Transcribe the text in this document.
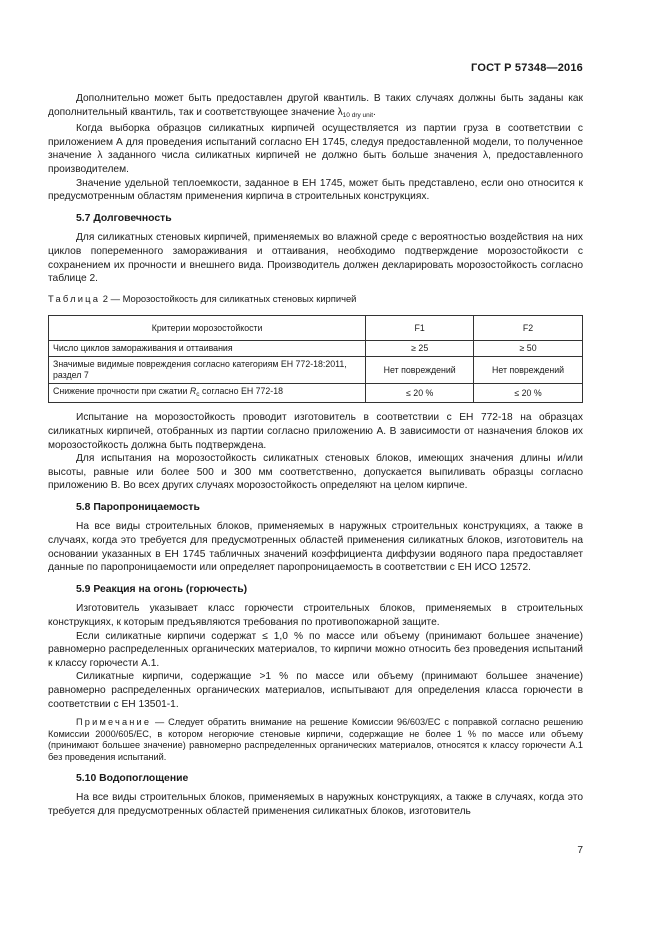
ГОСТ Р 57348—2016

Дополнительно может быть предоставлен другой квантиль. В таких случаях должны быть заданы как дополнительный квантиль, так и соответствующее значение $\lambda_{10 dry unit}$.

Когда выборка образцов силикатных кирпичей осуществляется из партии груза в соответствии с приложением А для проведения испытаний согласно ЕН 1745, следуя предоставленной модели, то полученное значение λ заданного числа силикатных кирпичей не должно быть больше значения λ, предоставленного производителем.

Значение удельной теплоемкости, заданное в ЕН 1745, может быть представлено, если оно относится к предусмотренным областям применения кирпича в строительных конструкциях.

5.7 Долговечность

Для силикатных стеновых кирпичей, применяемых во влажной среде с вероятностью воздействия на них циклов попеременного замораживания и оттаивания, необходимо подтверждение морозостойкости с сохранением их прочности и внешнего вида. Производитель должен декларировать морозостойкость согласно таблице 2.

Таблица 2 — Морозостойкость для силикатных стеновых кирпичей

Критерии морозостойкости	F1	F2
Число циклов замораживания и оттаивания	≥ 25	≥ 50
Значимые видимые повреждения согласно категориям ЕН 772-18:2011, раздел 7	Нет повреждений	Нет повреждений
Снижение прочности при сжатии $R_c$ согласно ЕН 772-18	≤ 20 %	≤ 20 %

Испытание на морозостойкость проводит изготовитель в соответствии с ЕН 772-18 на образцах силикатных кирпичей, отобранных из партии согласно приложению А. В зависимости от назначения блоков их морозостойкость должна быть подтверждена.

Для испытания на морозостойкость силикатных стеновых блоков, имеющих значения длины и/или высоты, равные или более 500 и 300 мм соответственно, допускается выпиливать образцы согласно приложению В. Во всех других случаях морозостойкость определяют на целом кирпиче.

5.8 Паропроницаемость

На все виды строительных блоков, применяемых в наружных строительных конструкциях, а также в случаях, когда это требуется для предусмотренных областей применения силикатных блоков, изготовитель на основании указанных в ЕН 1745 табличных значений коэффициента диффузии водяного пара предоставляет данные по паропроницаемости или определяет паропроницаемость в соответствии с ЕН ИСО 12572.

5.9 Реакция на огонь (горючесть)

Изготовитель указывает класс горючести строительных блоков, применяемых в строительных конструкциях, к которым предъявляются требования по противопожарной защите.

Если силикатные кирпичи содержат ≤ 1,0 % по массе или объему (принимают большее значение) равномерно распределенных органических материалов, то кирпичи можно относить без проведения испытаний к классу горючести А.1.

Силикатные кирпичи, содержащие >1 % по массе или объему (принимают большее значение) равномерно распределенных органических материалов, испытывают для определения класса горючести в соответствии с ЕН 13501-1.

Примечание — Следует обратить внимание на решение Комиссии 96/603/EC с поправкой согласно решению Комиссии 2000/605/EC, в котором негорючие стеновые кирпичи, содержащие не более 1 % по массе или объему (принимают большее значение) равномерно распределенных органических материалов, относятся к классу горючести А.1 без проведения испытаний.

5.10 Водопоглощение

На все виды строительных блоков, применяемых в наружных конструкциях, а также в случаях, когда это требуется для предусмотренных областей применения силикатных блоков, изготовитель

7
